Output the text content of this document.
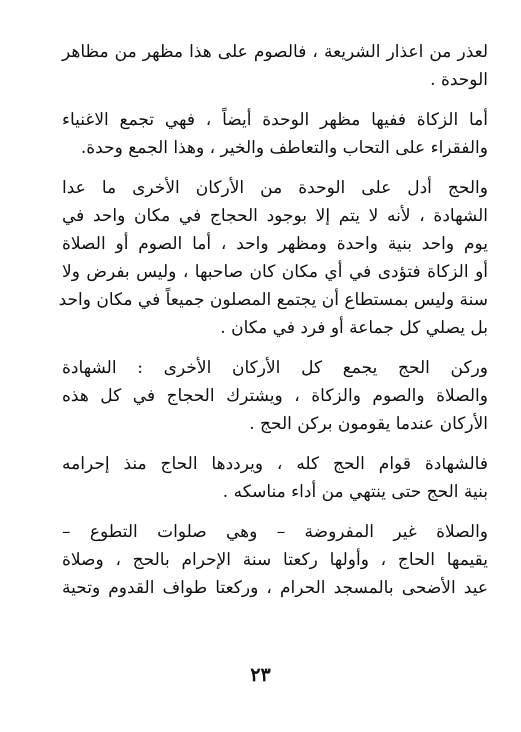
لعذر من اعذار الشريعة ، فالصوم على هذا مظهر من مظاهر
الوحدة .
أما الزكاة ففيها مظهر الوحدة أيضاً ، فهي تجمع الاغنياء
والفقراء على التحاب والتعاطف والخير ، وهذا الجمع وحدة.
والحج أدل على الوحدة من الأركان الأخرى ما عدا
الشهادة ، لأنه لا يتم إلا بوجود الحجاج في مكان واحد في
يوم واحد بنية واحدة ومظهر واحد ، أما الصوم أو الصلاة
أو الزكاة فتؤدى في أي مكان كان صاحبها ، وليس بفرض ولا
سنة وليس بمستطاع أن يجتمع المصلون جميعاً في مكان واحد
بل يصلي كل جماعة أو فرد في مكان .
وركن الحج يجمع كل الأركان الأخرى : الشهادة
والصلاة والصوم والزكاة ، ويشترك الحجاج في كل هذه
الأركان عندما يقومون بركن الحج .
فالشهادة قوام الحج كله ، ويرددها الحاج منذ إحرامه
بنية الحج حتى ينتهي من أداء مناسكه .
والصلاة غير المفروضة – وهي صلوات التطوع –
يقيمها الحاج ، وأولها ركعتا سنة الإحرام بالحج ، وصلاة
عيد الأضحى بالمسجد الحرام ، وركعتا طواف القدوم وتحية
٢٣
